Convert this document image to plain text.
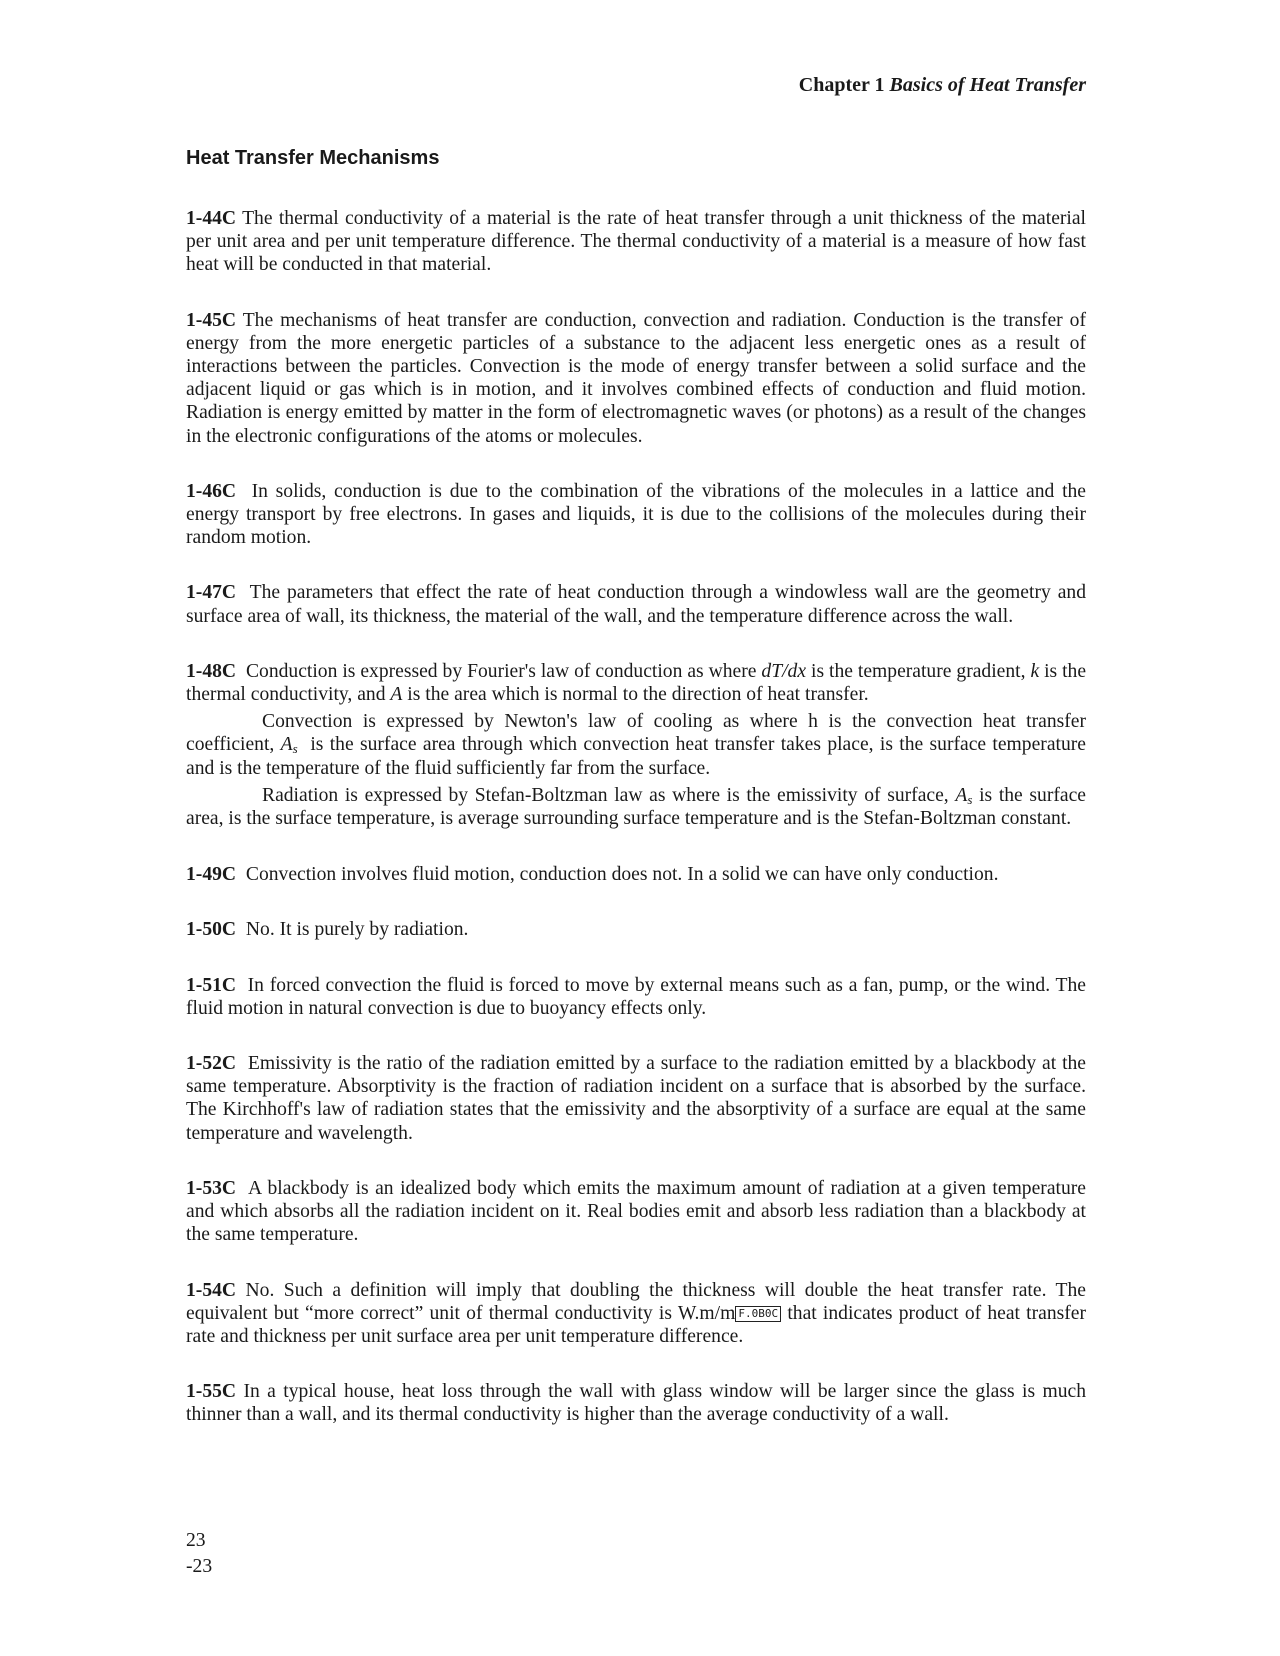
Chapter 1 Basics of Heat Transfer
Heat Transfer Mechanisms

1-44C The thermal conductivity of a material is the rate of heat transfer through a unit thickness of the material per unit area and per unit temperature difference. The thermal conductivity of a material is a measure of how fast heat will be conducted in that material.

1-45C The mechanisms of heat transfer are conduction, convection and radiation. Conduction is the transfer of energy from the more energetic particles of a substance to the adjacent less energetic ones as a result of interactions between the particles. Convection is the mode of energy transfer between a solid surface and the adjacent liquid or gas which is in motion, and it involves combined effects of conduction and fluid motion. Radiation is energy emitted by matter in the form of electromagnetic waves (or photons) as a result of the changes in the electronic configurations of the atoms or molecules.

1-46C In solids, conduction is due to the combination of the vibrations of the molecules in a lattice and the energy transport by free electrons. In gases and liquids, it is due to the collisions of the molecules during their random motion.

1-47C The parameters that effect the rate of heat conduction through a windowless wall are the geometry and surface area of wall, its thickness, the material of the wall, and the temperature difference across the wall.

1-48C Conduction is expressed by Fourier's law of conduction as where dT/dx is the temperature gradient, k is the thermal conductivity, and A is the area which is normal to the direction of heat transfer.

Convection is expressed by Newton's law of cooling as where h is the convection heat transfer coefficient, $A_s$ is the surface area through which convection heat transfer takes place, is the surface temperature and is the temperature of the fluid sufficiently far from the surface.

Radiation is expressed by Stefan-Boltzman law as where is the emissivity of surface, $A_s$ is the surface area, is the surface temperature, is average surrounding surface temperature and is the Stefan-Boltzman constant.

1-49C Convection involves fluid motion, conduction does not. In a solid we can have only conduction.

1-50C No. It is purely by radiation.

1-51C In forced convection the fluid is forced to move by external means such as a fan, pump, or the wind. The fluid motion in natural convection is due to buoyancy effects only.

1-52C Emissivity is the ratio of the radiation emitted by a surface to the radiation emitted by a blackbody at the same temperature. Absorptivity is the fraction of radiation incident on a surface that is absorbed by the surface. The Kirchhoff's law of radiation states that the emissivity and the absorptivity of a surface are equal at the same temperature and wavelength.

1-53C A blackbody is an idealized body which emits the maximum amount of radiation at a given temperature and which absorbs all the radiation incident on it. Real bodies emit and absorb less radiation than a blackbody at the same temperature.

1-54C No. Such a definition will imply that doubling the thickness will double the heat transfer rate. The equivalent but “more correct” unit of thermal conductivity is W.m/m F.0B0C that indicates product of heat transfer rate and thickness per unit surface area per unit temperature difference.

1-55C In a typical house, heat loss through the wall with glass window will be larger since the glass is much thinner than a wall, and its thermal conductivity is higher than the average conductivity of a wall.

23
-23
